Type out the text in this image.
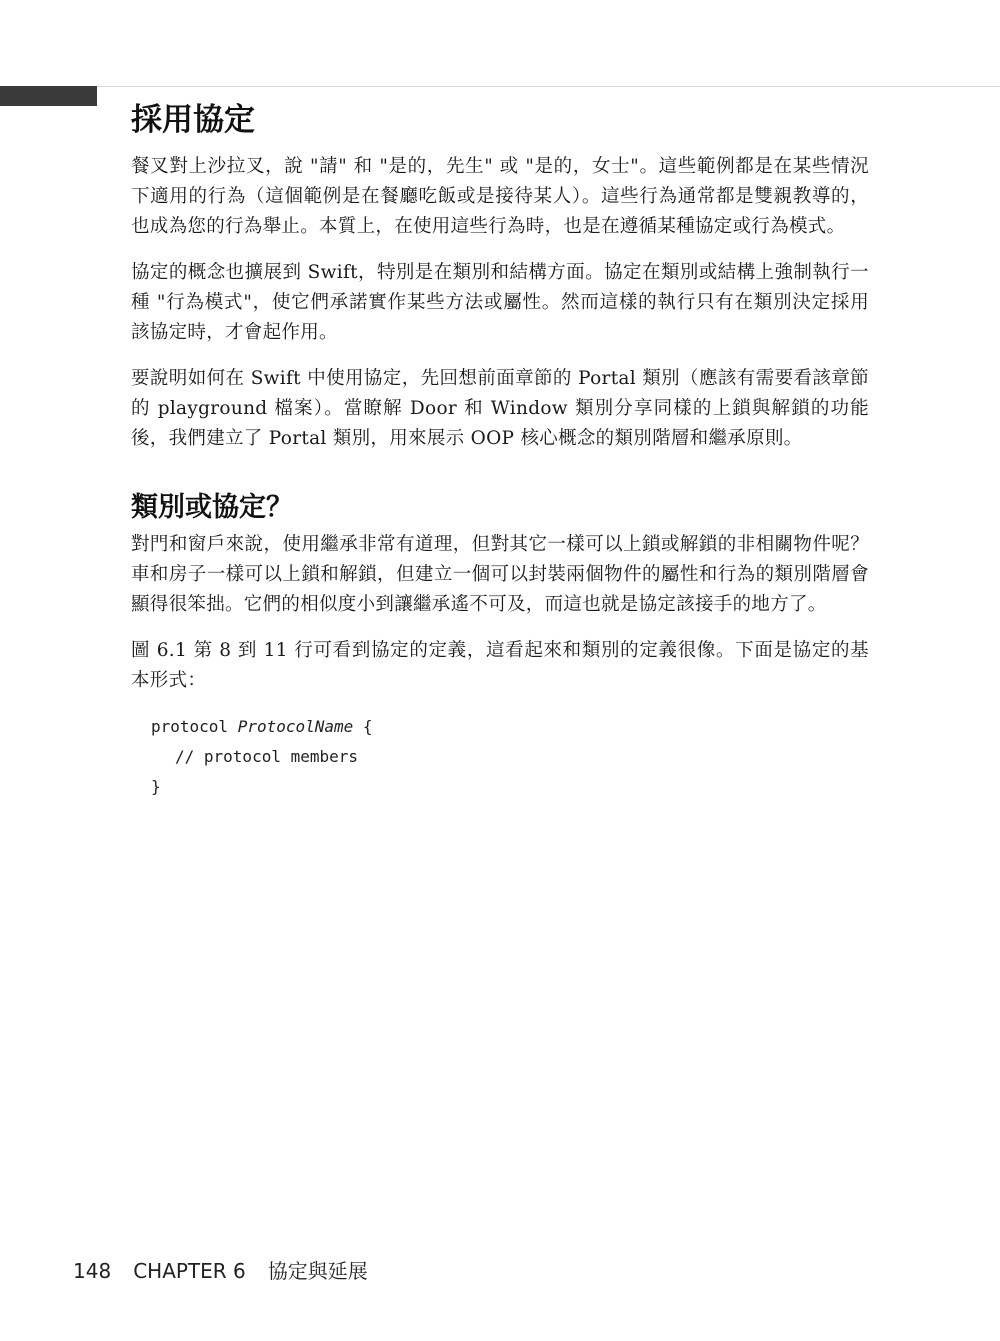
採用協定

餐叉對上沙拉叉，說 "請" 和 "是的，先生" 或 "是的，女士"。這些範例都是在某些情況下適用的行為（這個範例是在餐廳吃飯或是接待某人）。這些行為通常都是雙親教導的，也成為您的行為舉止。本質上，在使用這些行為時，也是在遵循某種協定或行為模式。

協定的概念也擴展到 Swift，特別是在類別和結構方面。協定在類別或結構上強制執行一種 "行為模式"，使它們承諾實作某些方法或屬性。然而這樣的執行只有在類別決定採用該協定時，才會起作用。

要說明如何在 Swift 中使用協定，先回想前面章節的 Portal 類別（應該有需要看該章節的 playground 檔案）。當瞭解 Door 和 Window 類別分享同樣的上鎖與解鎖的功能後，我們建立了 Portal 類別，用來展示 OOP 核心概念的類別階層和繼承原則。

類別或協定？

對門和窗戶來說，使用繼承非常有道理，但對其它一樣可以上鎖或解鎖的非相關物件呢？車和房子一樣可以上鎖和解鎖，但建立一個可以封裝兩個物件的屬性和行為的類別階層會顯得很笨拙。它們的相似度小到讓繼承遙不可及，而這也就是協定該接手的地方了。

圖 6.1 第 8 到 11 行可看到協定的定義，這看起來和類別的定義很像。下面是協定的基本形式：

protocol ProtocolName {
// protocol members
}
148 CHAPTER 6 協定與延展
